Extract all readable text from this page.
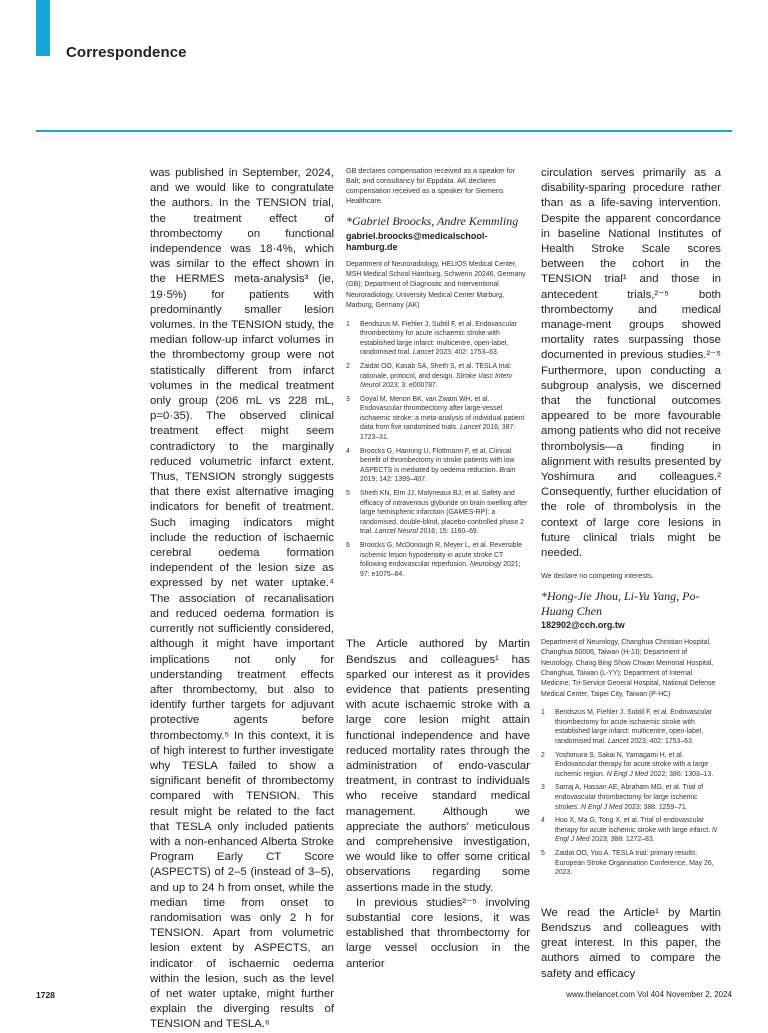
Correspondence

was published in September, 2024, and we would like to congratulate the authors. In the TENSION trial, the treatment effect of thrombectomy on functional independence was 18·4%, which was similar to the effect shown in the HERMES meta-analysis³ (ie, 19·5%) for patients with predominantly smaller lesion volumes. In the TENSION study, the median follow-up infarct volumes in the thrombectomy group were not statistically different from infarct volumes in the medical treatment only group (206 mL vs 228 mL, p=0·35). The observed clinical treatment effect might seem contradictory to the marginally reduced volumetric infarct extent. Thus, TENSION strongly suggests that there exist alternative imaging indicators for benefit of treatment. Such imaging indicators might include the reduction of ischaemic cerebral oedema formation independent of the lesion size as expressed by net water uptake.⁴ The association of recanalisation and reduced oedema formation is currently not sufficiently considered, although it might have important implications not only for understanding treatment effects after thrombectomy, but also to identify further targets for adjuvant protective agents before thrombectomy.⁵ In this context, it is of high interest to further investigate why TESLA failed to show a significant benefit of thrombectomy compared with TENSION. This result might be related to the fact that TESLA only included patients with a non-enhanced Alberta Stroke Program Early CT Score (ASPECTS) of 2–5 (instead of 3–5), and up to 24 h from onset, while the median time from onset to randomisation was only 2 h for TENSION. Apart from volumetric lesion extent by ASPECTS, an indicator of ischaemic oedema within the lesion, such as the level of net water uptake, might further explain the diverging results of TENSION and TESLA.⁶

GB declares compensation received as a speaker for Balt; and consultancy for Eppdata. AK declares compensation received as a speaker for Siemens Healthcare.

*Gabriel Broocks, Andre Kemmling

gabriel.broocks@medicalschool-hamburg.de

Department of Neuroradiology, HELIOS Medical Center, MSH Medical School Hamburg, Schwerin 20246, Germany (GB); Department of Diagnostic and Interventional Neuroradiology, University Medical Center Marburg, Marburg, Germany (AK)

1 Bendszus M, Fiehler J, Subtil F, et al. Endovascular thrombectomy for acute ischaemic stroke with established large infarct: multicentre, open-label, randomised trial. Lancet 2023; 402: 1753–63.
2 Zaidat OO, Kasab SA, Sheth S, et al. TESLA trial: rationale, protocol, and design. Stroke Vasc Interv Neurol 2023; 3: e000787.
3 Goyal M, Menon BK, van Zwam WH, et al. Endovascular thrombectomy after large-vessel ischaemic stroke: a meta-analysis of individual patient data from five randomised trials. Lancet 2016; 387: 1723–31.
4 Broocks G, Hanning U, Flottmann F, et al. Clinical benefit of thrombectomy in stroke patients with low ASPECTS is mediated by oedema reduction. Brain 2019; 142: 1399–407.
5 Sheth KN, Elm JJ, Molyneaux BJ, et al. Safety and efficacy of intravenous glyburide on brain swelling after large hemispheric infarction (GAMES-RP): a randomised, double-blind, placebo-controlled phase 2 trial. Lancet Neurol 2016; 15: 1160–69.
6 Broocks G, McDonough R, Meyer L, et al. Reversible ischemic lesion hypodensity in acute stroke CT following endovascular reperfusion. Neurology 2021; 97: e1075–84.

The Article authored by Martin Bendszus and colleagues¹ has sparked our interest as it provides evidence that patients presenting with acute ischaemic stroke with a large core lesion might attain functional independence and have reduced mortality rates through the administration of endo-vascular treatment, in contrast to individuals who receive standard medical management. Although we appreciate the authors' meticulous and comprehensive investigation, we would like to offer some critical observations regarding some assertions made in the study.

In previous studies²⁻⁵ involving substantial core lesions, it was established that thrombectomy for large vessel occlusion in the anterior

circulation serves primarily as a disability-sparing procedure rather than as a life-saving intervention. Despite the apparent concordance in baseline National Institutes of Health Stroke Scale scores between the cohort in the TENSION trial¹ and those in antecedent trials,²⁻⁵ both thrombectomy and medical manage-ment groups showed mortality rates surpassing those documented in previous studies.²⁻⁵ Furthermore, upon conducting a subgroup analysis, we discerned that the functional outcomes appeared to be more favourable among patients who did not receive thrombolysis—a finding in alignment with results presented by Yoshimura and colleagues.² Consequently, further elucidation of the role of thrombolysis in the context of large core lesions in future clinical trials might be needed.

We declare no competing interests.

*Hong-Jie Jhou, Li-Yu Yang, Po-Huang Chen

182902@cch.org.tw

Department of Neurology, Changhua Christian Hospital, Changhua 50006, Taiwan (H-JJ); Department of Neurology, Chang Bing Show Chwan Memorial Hospital, Changhua, Taiwan (L-YY); Department of Internal Medicine, Tri-Service General Hospital, National Defense Medical Center, Taipei City, Taiwan (P-HC)

1 Bendszus M, Fiehler J, Subtil F, et al. Endovascular thrombectomy for acute ischaemic stroke with established large infarct: multicentre, open-label, randomised trial. Lancet 2023; 402: 1753–63.
2 Yoshimura S, Sakai N, Yamagami H, et al. Endovascular therapy for acute stroke with a large ischemic region. N Engl J Med 2022; 386: 1303–13.
3 Sarraj A, Hassan AE, Abraham MG, et al. Trial of endovascular thrombectomy for large ischemic strokes. N Engl J Med 2023; 388: 1259–71.
4 Huo X, Ma G, Tong X, et al. Trial of endovascular therapy for acute ischemic stroke with large infarct. N Engl J Med 2023; 388: 1272–83.
5 Zaidat OO, Yoo A. TESLA trial: primary results. European Stroke Organisation Conference, May 26, 2023.

We read the Article¹ by Martin Bendszus and colleagues with great interest. In this paper, the authors aimed to compare the safety and efficacy

1728	www.thelancet.com Vol 404 November 2, 2024
